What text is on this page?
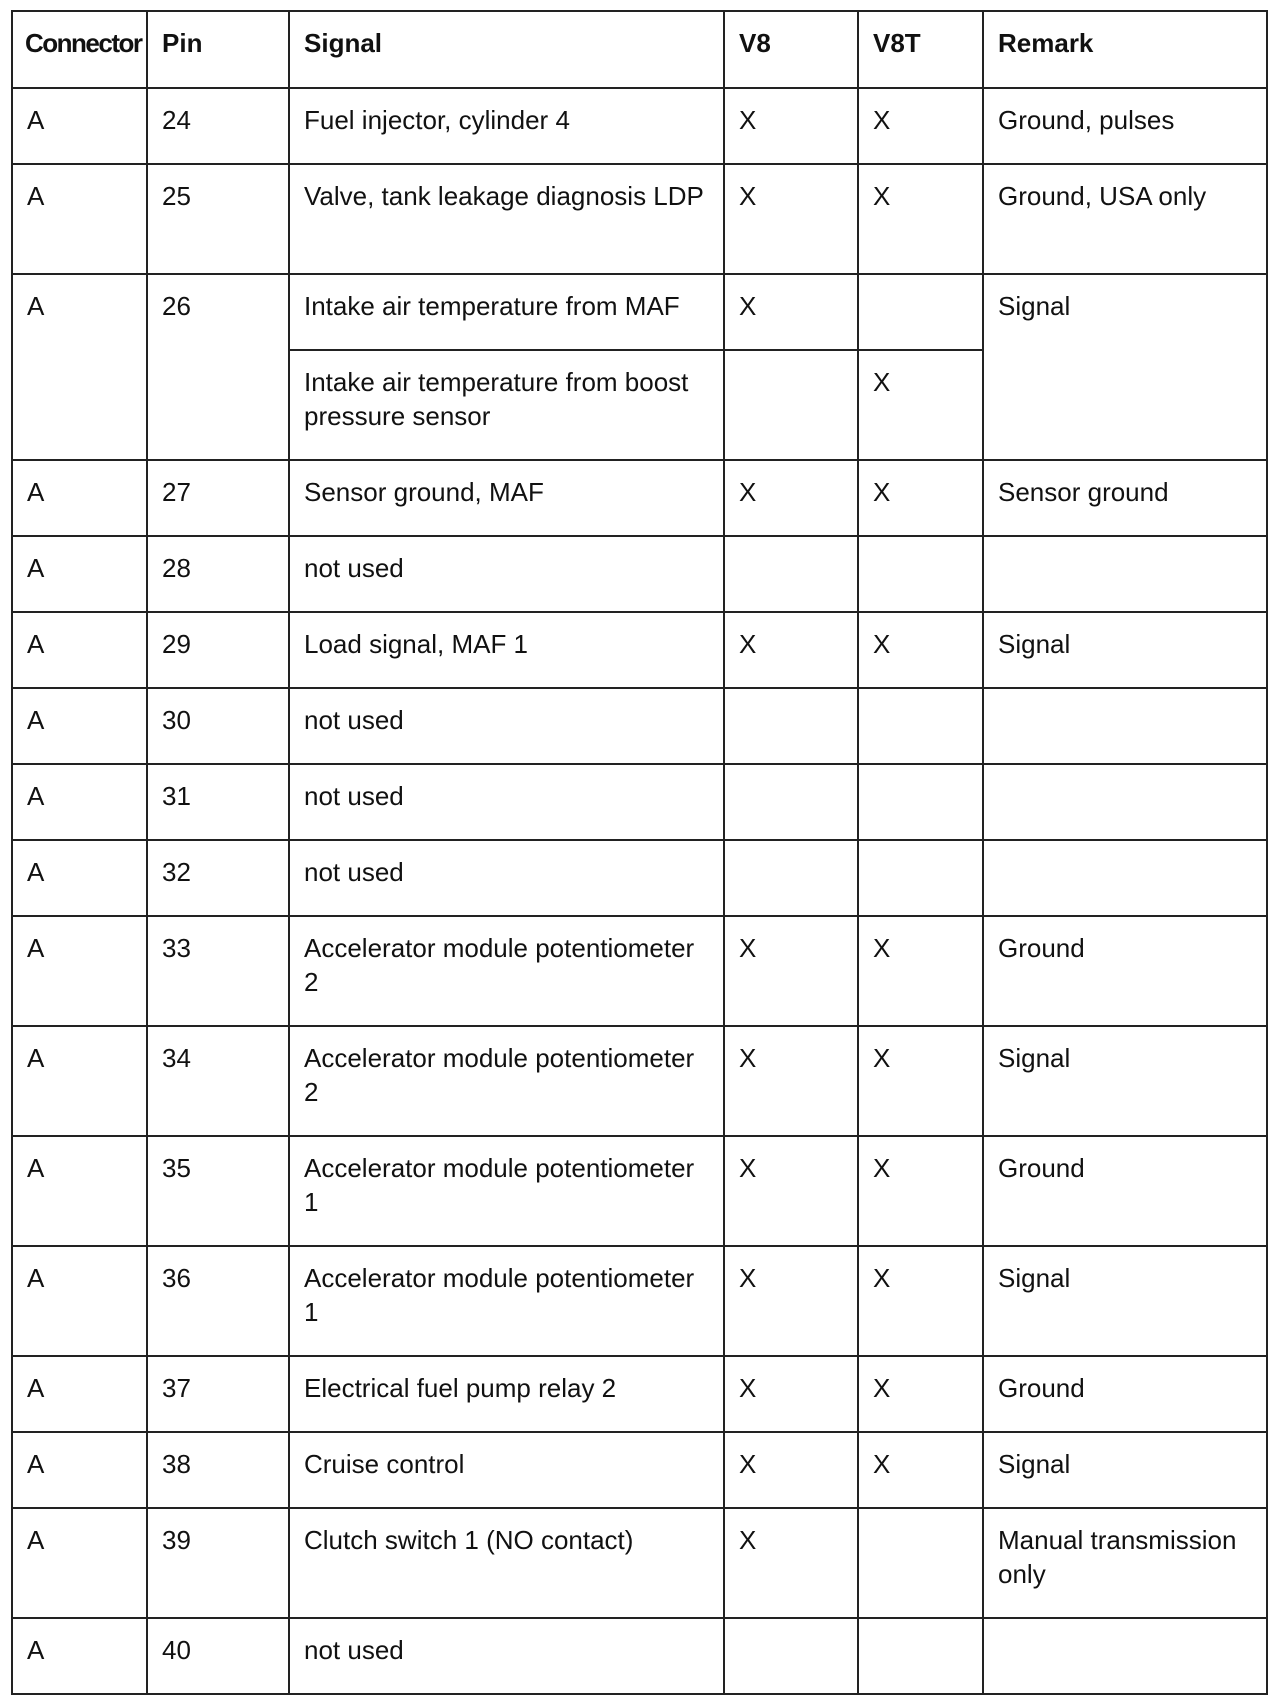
Connector	Pin	Signal	V8	V8T	Remark
A	24	Fuel injector, cylinder 4	X	X	Ground, pulses
A	25	Valve, tank leakage diagnosis LDP	X	X	Ground, USA only
A	26	Intake air temperature from MAF	X		Signal
		Intake air temperature from boost pressure sensor		X	
A	27	Sensor ground, MAF	X	X	Sensor ground
A	28	not used			
A	29	Load signal, MAF 1	X	X	Signal
A	30	not used			
A	31	not used			
A	32	not used			
A	33	Accelerator module potentiometer 2	X	X	Ground
A	34	Accelerator module potentiometer 2	X	X	Signal
A	35	Accelerator module potentiometer 1	X	X	Ground
A	36	Accelerator module potentiometer 1	X	X	Signal
A	37	Electrical fuel pump relay 2	X	X	Ground
A	38	Cruise control	X	X	Signal
A	39	Clutch switch 1 (NO contact)	X		Manual transmission only
A	40	not used			
